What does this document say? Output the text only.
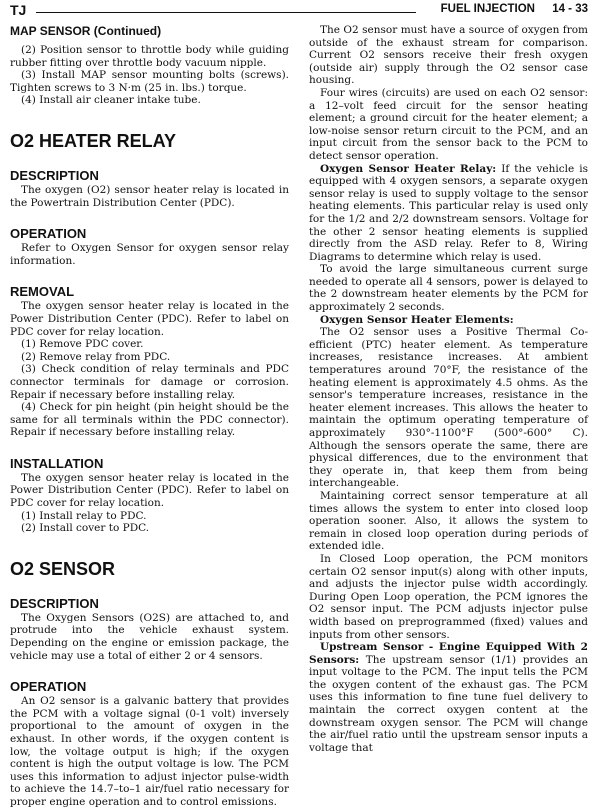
TJ	FUEL INJECTION 14 - 33
MAP SENSOR (Continued)

(2) Position sensor to throttle body while guiding rubber fitting over throttle body vacuum nipple.

(3) Install MAP sensor mounting bolts (screws). Tighten screws to 3 N·m (25 in. lbs.) torque.

(4) Install air cleaner intake tube.

O2 HEATER RELAY
DESCRIPTION

The oxygen (O2) sensor heater relay is located in the Powertrain Distribution Center (PDC).

OPERATION

Refer to Oxygen Sensor for oxygen sensor relay information.

REMOVAL

The oxygen sensor heater relay is located in the Power Distribution Center (PDC). Refer to label on PDC cover for relay location.

(1) Remove PDC cover.

(2) Remove relay from PDC.

(3) Check condition of relay terminals and PDC connector terminals for damage or corrosion. Repair if necessary before installing relay.

(4) Check for pin height (pin height should be the same for all terminals within the PDC connector). Repair if necessary before installing relay.

INSTALLATION

The oxygen sensor heater relay is located in the Power Distribution Center (PDC). Refer to label on PDC cover for relay location.

(1) Install relay to PDC.

(2) Install cover to PDC.

O2 SENSOR
DESCRIPTION

The Oxygen Sensors (O2S) are attached to, and protrude into the vehicle exhaust system. Depending on the engine or emission package, the vehicle may use a total of either 2 or 4 sensors.

OPERATION

An O2 sensor is a galvanic battery that provides the PCM with a voltage signal (0-1 volt) inversely proportional to the amount of oxygen in the exhaust. In other words, if the oxygen content is low, the voltage output is high; if the oxygen content is high the output voltage is low. The PCM uses this information to adjust injector pulse-width to achieve the 14.7–to–1 air/fuel ratio necessary for proper engine operation and to control emissions.

The O2 sensor must have a source of oxygen from outside of the exhaust stream for comparison. Current O2 sensors receive their fresh oxygen (outside air) supply through the O2 sensor case housing.

Four wires (circuits) are used on each O2 sensor: a 12–volt feed circuit for the sensor heating element; a ground circuit for the heater element; a low-noise sensor return circuit to the PCM, and an input circuit from the sensor back to the PCM to detect sensor operation.

Oxygen Sensor Heater Relay: If the vehicle is equipped with 4 oxygen sensors, a separate oxygen sensor relay is used to supply voltage to the sensor heating elements. This particular relay is used only for the 1/2 and 2/2 downstream sensors. Voltage for the other 2 sensor heating elements is supplied directly from the ASD relay. Refer to 8, Wiring Diagrams to determine which relay is used.

To avoid the large simultaneous current surge needed to operate all 4 sensors, power is delayed to the 2 downstream heater elements by the PCM for approximately 2 seconds.

Oxygen Sensor Heater Elements:

The O2 sensor uses a Positive Thermal Co-efficient (PTC) heater element. As temperature increases, resistance increases. At ambient temperatures around 70°F, the resistance of the heating element is approximately 4.5 ohms. As the sensor's temperature increases, resistance in the heater element increases. This allows the heater to maintain the optimum operating temperature of approximately 930°-1100°F (500°-600° C). Although the sensors operate the same, there are physical differences, due to the environment that they operate in, that keep them from being interchangeable.

Maintaining correct sensor temperature at all times allows the system to enter into closed loop operation sooner. Also, it allows the system to remain in closed loop operation during periods of extended idle.

In Closed Loop operation, the PCM monitors certain O2 sensor input(s) along with other inputs, and adjusts the injector pulse width accordingly. During Open Loop operation, the PCM ignores the O2 sensor input. The PCM adjusts injector pulse width based on preprogrammed (fixed) values and inputs from other sensors.

Upstream Sensor - Engine Equipped With 2 Sensors: The upstream sensor (1/1) provides an input voltage to the PCM. The input tells the PCM the oxygen content of the exhaust gas. The PCM uses this information to fine tune fuel delivery to maintain the correct oxygen content at the downstream oxygen sensor. The PCM will change the air/fuel ratio until the upstream sensor inputs a voltage that
